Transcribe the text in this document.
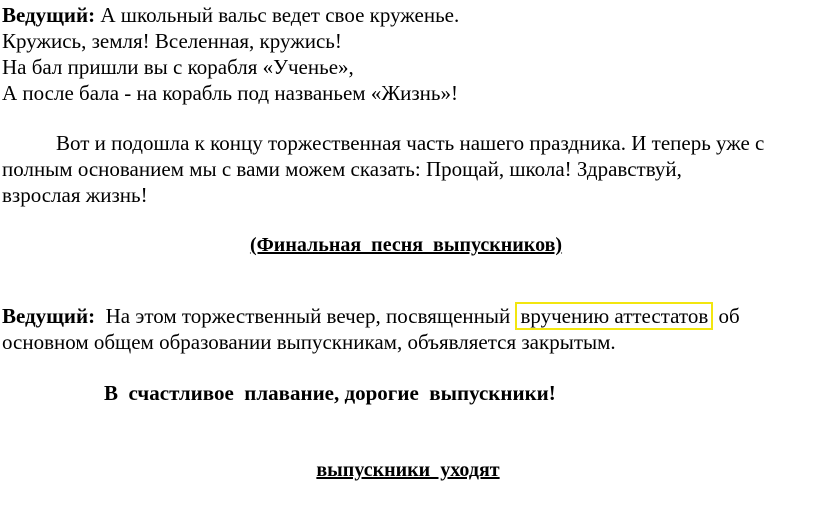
Ведущий: А школьный вальс ведет свое круженье.
Кружись, земля! Вселенная, кружись!
На бал пришли вы с корабля «Ученье»,
А после бала - на корабль под названьем «Жизнь»!
Вот и подошла к концу торжественная часть нашего праздника. И теперь уже с
полным основанием мы с вами можем сказать: Прощай, школа! Здравствуй,
взрослая жизнь!
(Финальная  песня  выпускников)
Ведущий:  На этом торжественный вечер, посвященный вручению аттестатов об
основном общем образовании выпускникам, объявляется закрытым.
В  счастливое  плавание, дорогие  выпускники!
выпускники  уходят
